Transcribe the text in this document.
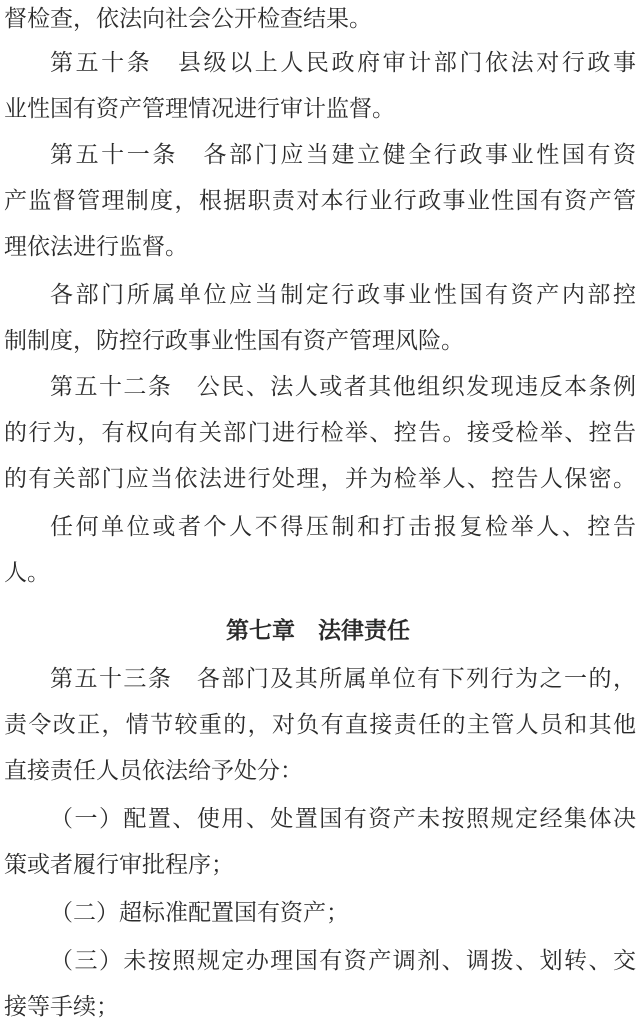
督检查，依法向社会公开检查结果。
第五十条　县级以上人民政府审计部门依法对行政事
业性国有资产管理情况进行审计监督。
第五十一条　各部门应当建立健全行政事业性国有资
产监督管理制度，根据职责对本行业行政事业性国有资产管
理依法进行监督。
各部门所属单位应当制定行政事业性国有资产内部控
制制度，防控行政事业性国有资产管理风险。
第五十二条　公民、法人或者其他组织发现违反本条例
的行为，有权向有关部门进行检举、控告。接受检举、控告
的有关部门应当依法进行处理，并为检举人、控告人保密。
任何单位或者个人不得压制和打击报复检举人、控告
人。
第七章　法律责任
第五十三条　各部门及其所属单位有下列行为之一的，
责令改正，情节较重的，对负有直接责任的主管人员和其他
直接责任人员依法给予处分：
（一）配置、使用、处置国有资产未按照规定经集体决
策或者履行审批程序；
（二）超标准配置国有资产；
（三）未按照规定办理国有资产调剂、调拨、划转、交
接等手续；
